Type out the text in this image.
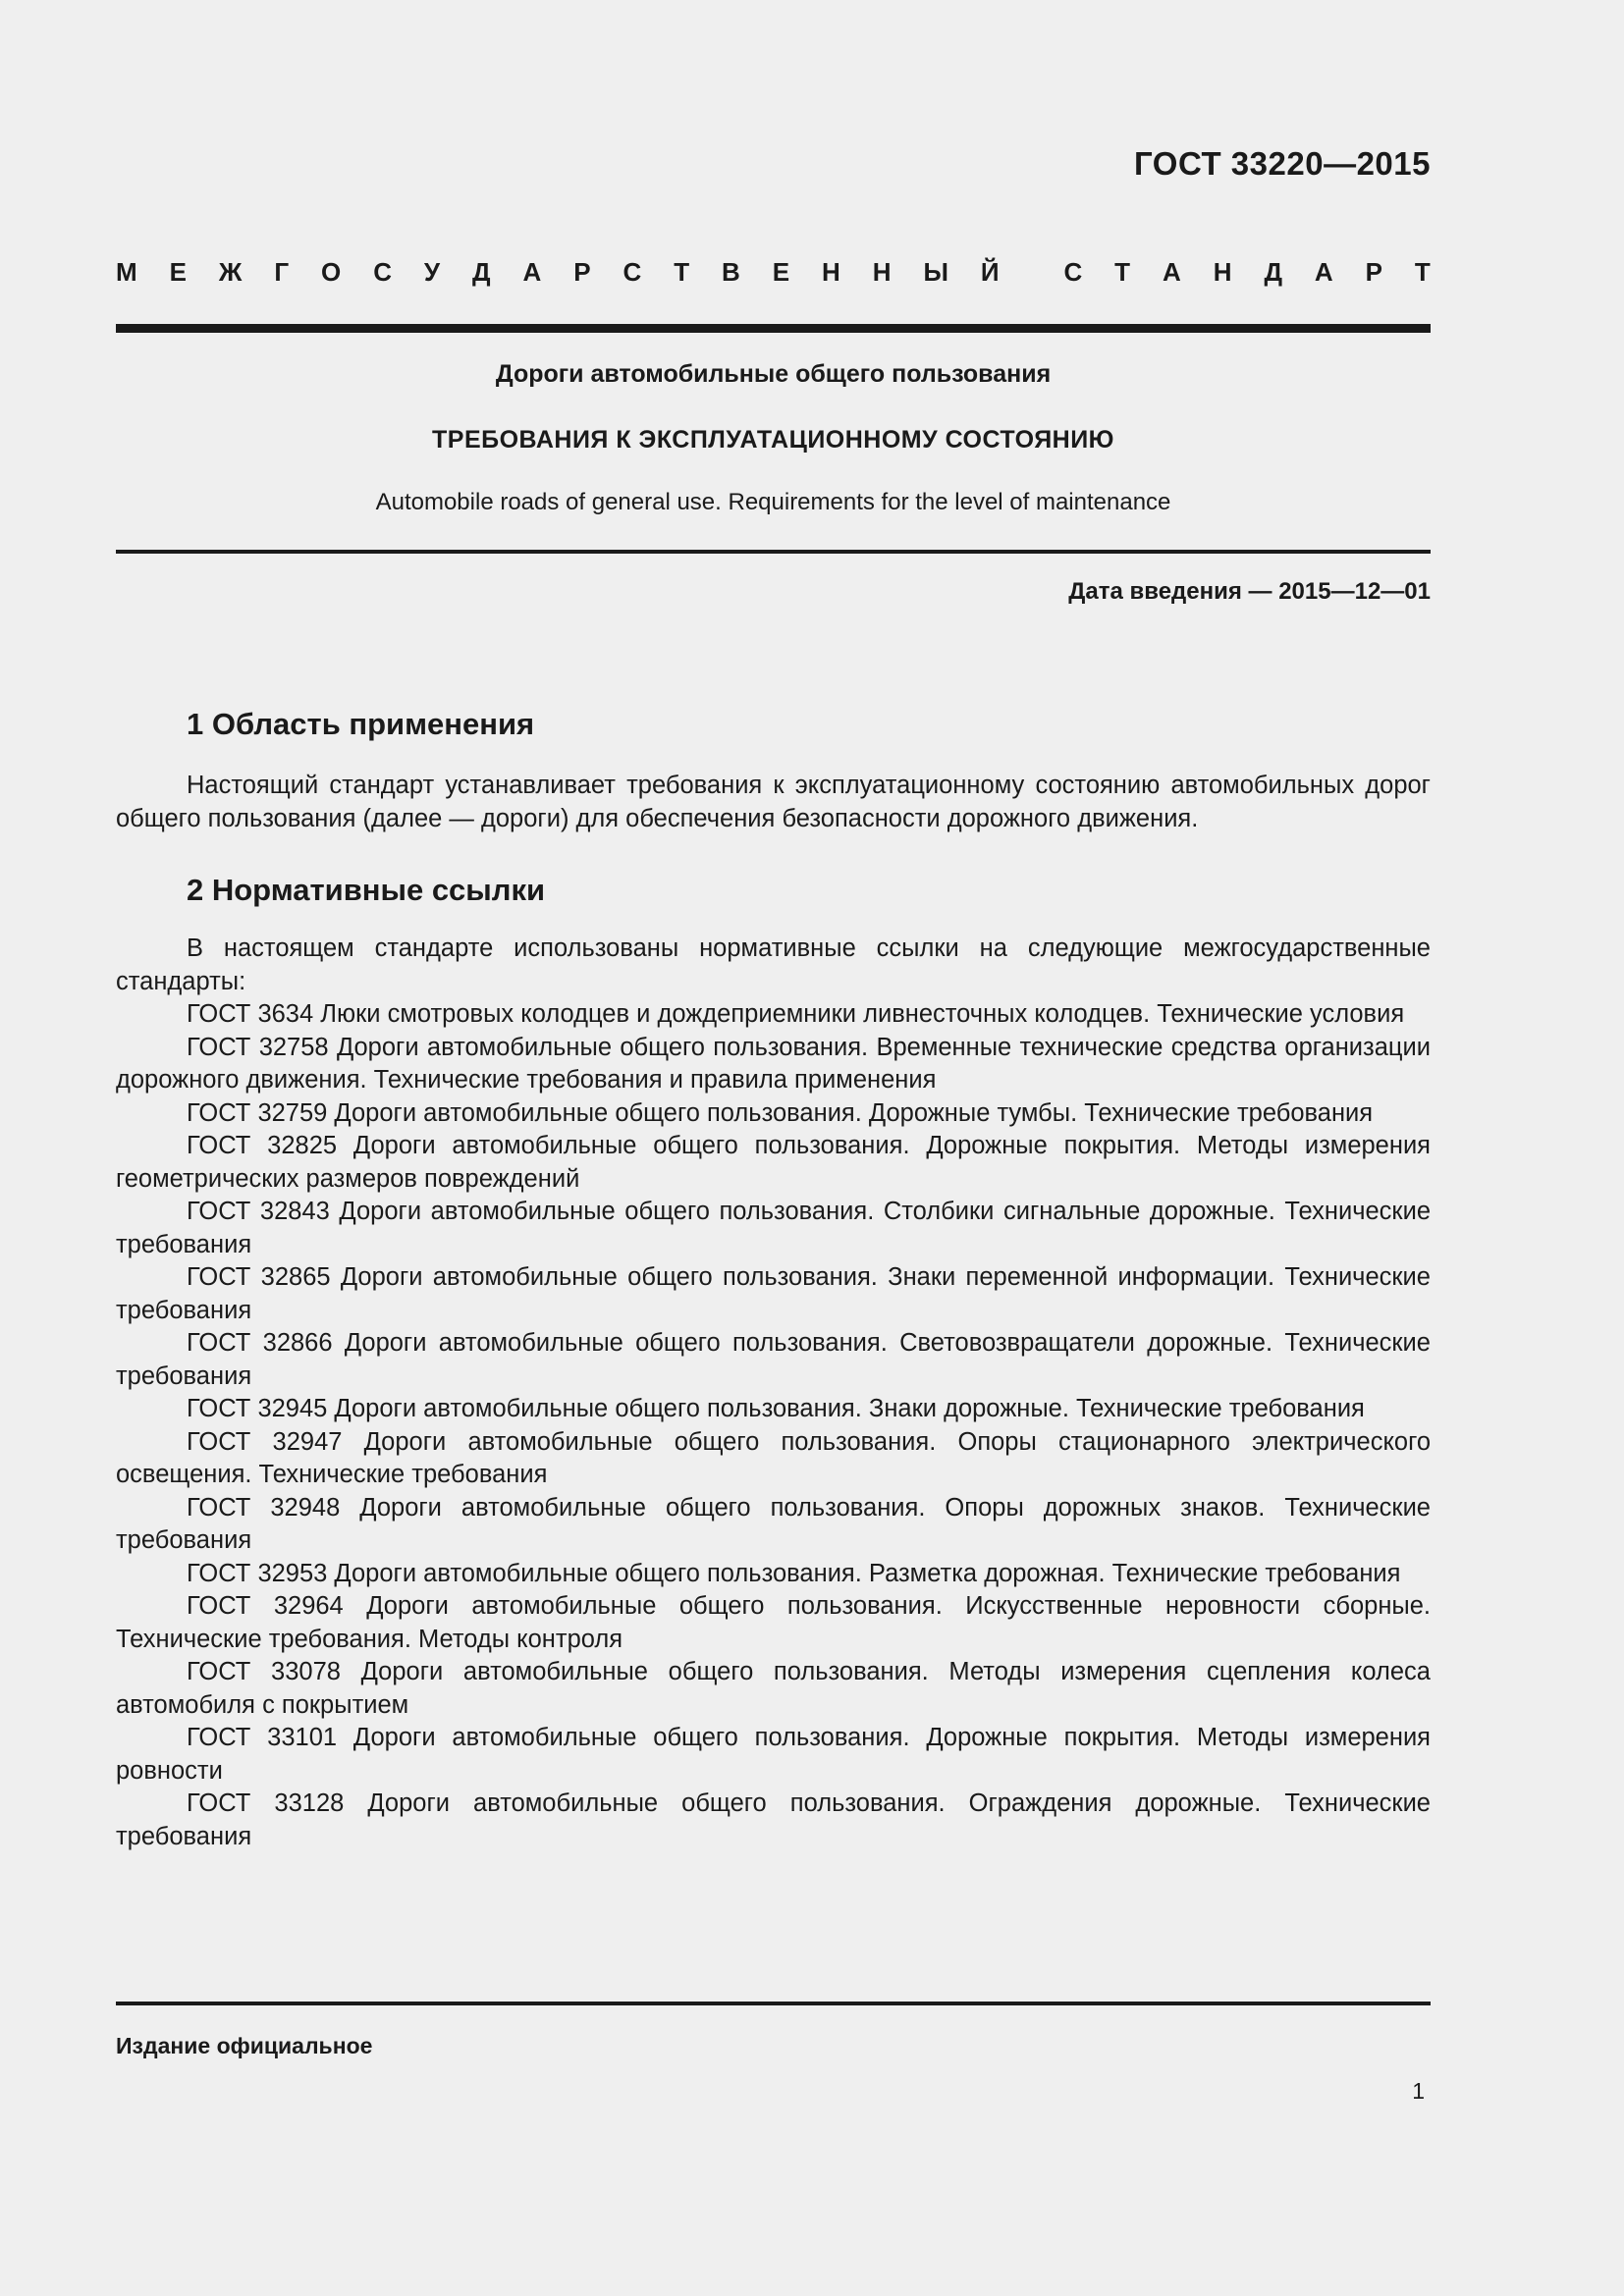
ГОСТ 33220—2015
М Е Ж Г О С У Д А Р С Т В Е Н Н Ы Й	С Т А Н Д А Р Т
Дороги автомобильные общего пользования
ТРЕБОВАНИЯ К ЭКСПЛУАТАЦИОННОМУ СОСТОЯНИЮ
Automobile roads of general use. Requirements for the level of maintenance
Дата введения — 2015—12—01
1 Область применения

Настоящий стандарт устанавливает требования к эксплуатационному состоянию автомобильных дорог общего пользования (далее — дороги) для обеспечения безопасности дорожного движения.

2 Нормативные ссылки

В настоящем стандарте использованы нормативные ссылки на следующие межгосударственные стандарты:

ГОСТ 3634 Люки смотровых колодцев и дождеприемники ливнесточных колодцев. Технические условия

ГОСТ 32758 Дороги автомобильные общего пользования. Временные технические средства организации дорожного движения. Технические требования и правила применения

ГОСТ 32759 Дороги автомобильные общего пользования. Дорожные тумбы. Технические требования

ГОСТ 32825 Дороги автомобильные общего пользования. Дорожные покрытия. Методы измерения геометрических размеров повреждений

ГОСТ 32843 Дороги автомобильные общего пользования. Столбики сигнальные дорожные. Технические требования

ГОСТ 32865 Дороги автомобильные общего пользования. Знаки переменной информации. Технические требования

ГОСТ 32866 Дороги автомобильные общего пользования. Световозвращатели дорожные. Технические требования

ГОСТ 32945 Дороги автомобильные общего пользования. Знаки дорожные. Технические требования

ГОСТ 32947 Дороги автомобильные общего пользования. Опоры стационарного электрического освещения. Технические требования

ГОСТ 32948 Дороги автомобильные общего пользования. Опоры дорожных знаков. Технические требования

ГОСТ 32953 Дороги автомобильные общего пользования. Разметка дорожная. Технические требования

ГОСТ 32964 Дороги автомобильные общего пользования. Искусственные неровности сборные. Технические требования. Методы контроля

ГОСТ 33078 Дороги автомобильные общего пользования. Методы измерения сцепления колеса автомобиля с покрытием

ГОСТ 33101 Дороги автомобильные общего пользования. Дорожные покрытия. Методы измерения ровности

ГОСТ 33128 Дороги автомобильные общего пользования. Ограждения дорожные. Технические требования

Издание официальное
1
